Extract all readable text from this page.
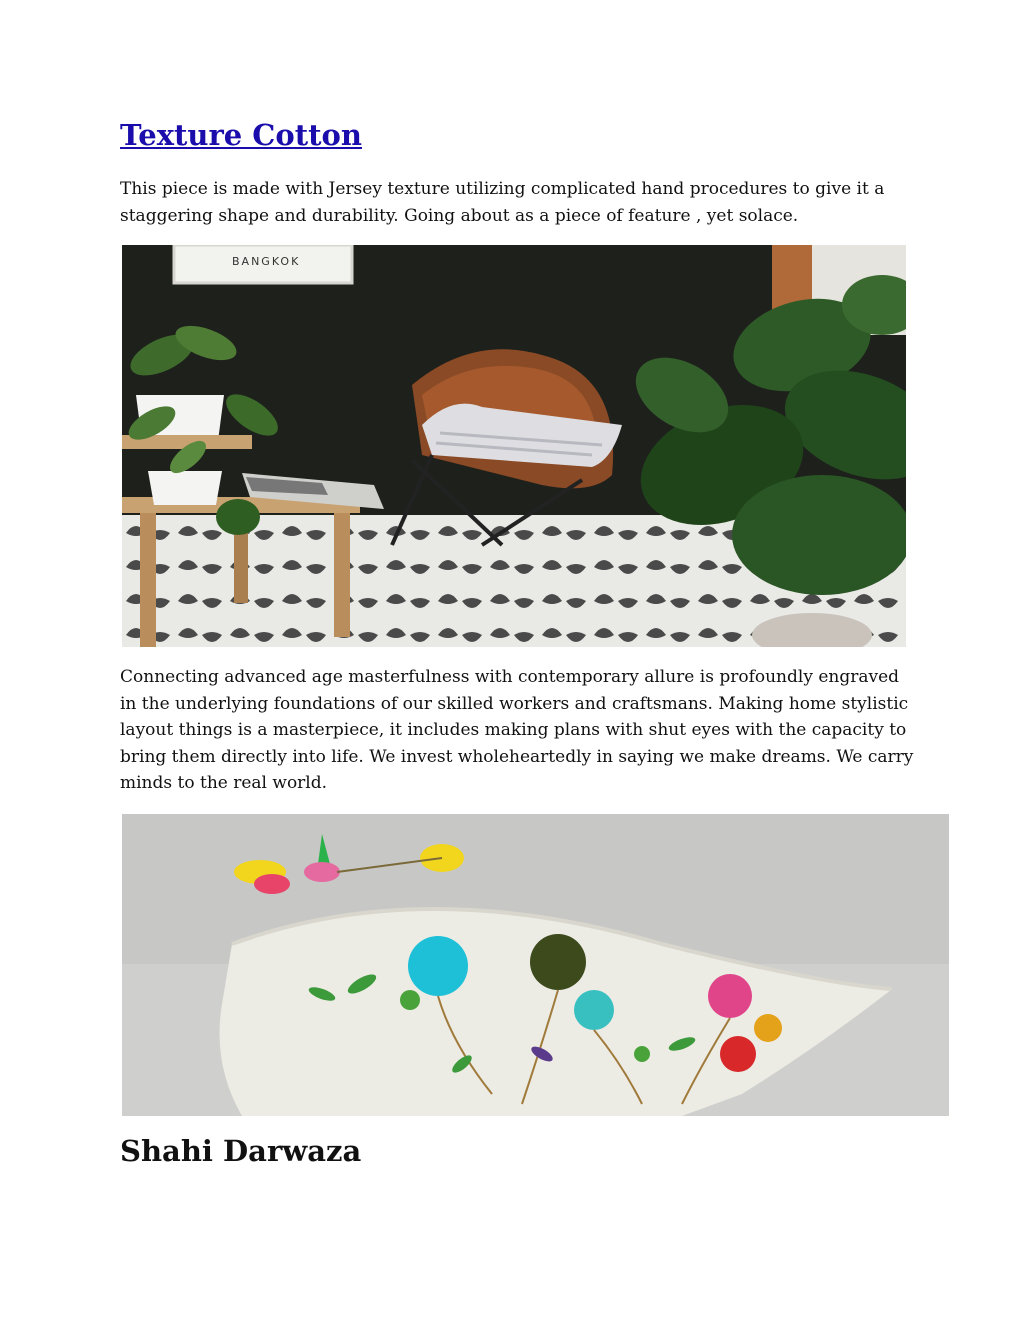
Texture Cotton

This piece is made with Jersey texture utilizing complicated hand procedures to give it a staggering shape and durability. Going about as a piece of feature , yet solace.

BANGKOK

Connecting advanced age masterfulness with contemporary allure is profoundly engraved in the underlying foundations of our skilled workers and craftsmans. Making home stylistic layout things is a masterpiece, it includes making plans with shut eyes with the capacity to bring them directly into life. We invest wholeheartedly in saying we make dreams. We carry minds to the real world.

Shahi Darwaza
